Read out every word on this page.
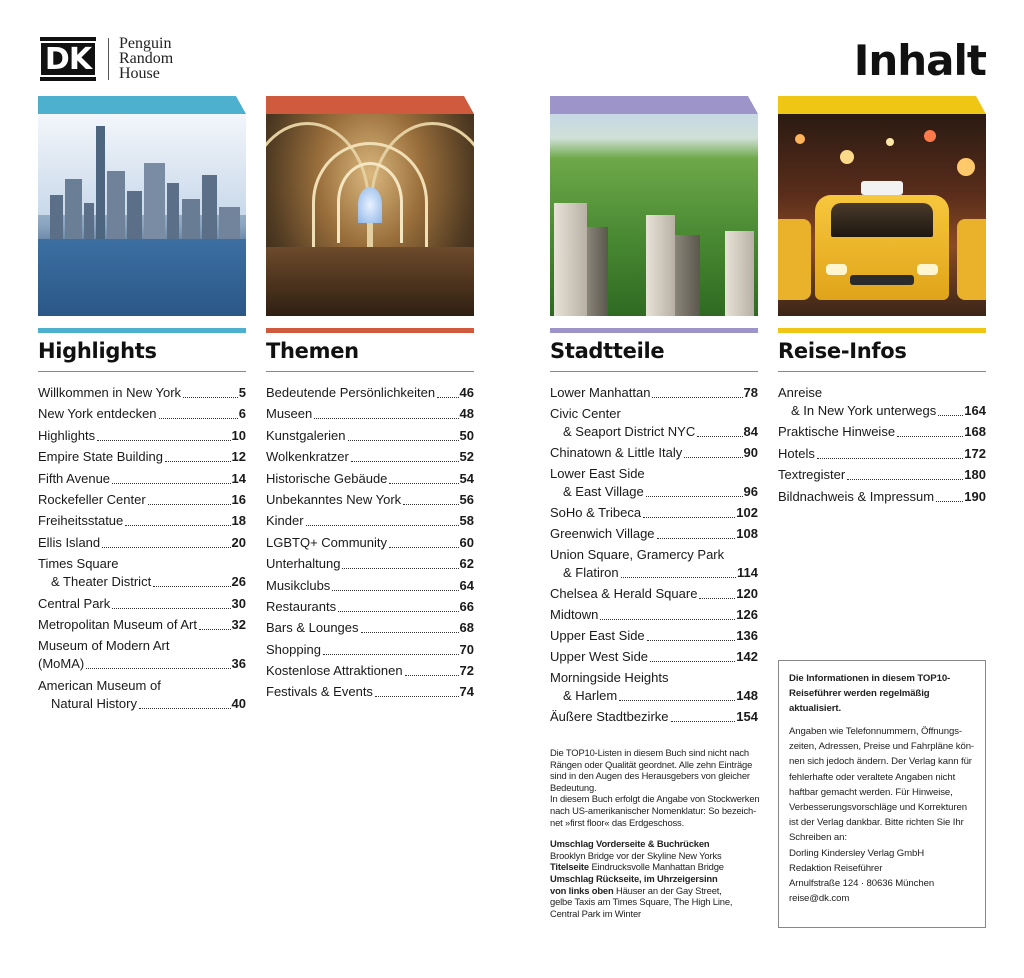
DK	Penguin
Random
House	Inhalt
Highlights
Willkommen in New York	5
New York entdecken	6
Highlights	10
Empire State Building	12
Fifth Avenue	14
Rockefeller Center	16
Freiheitsstatue	18
Ellis Island	20
Times Square
& Theater District	26
Central Park	30
Metropolitan Museum of Art	32
Museum of Modern Art
(MoMA)	36
American Museum of
Natural History	40
Themen
Bedeutende Persönlichkeiten 46
Museen	48
Kunstgalerien	50
Wolkenkratzer	52
Historische Gebäude	54
Unbekanntes New York	56
Kinder	58
LGBTQ+ Community	60
Unterhaltung	62
Musikclubs	64
Restaurants	66
Bars & Lounges	68
Shopping	70
Kostenlose Attraktionen	72
Festivals & Events	74
Stadtteile
Lower Manhattan	78
Civic Center
& Seaport District NYC	84
Chinatown & Little Italy	90
Lower East Side
& East Village	96
SoHo & Tribeca	102
Greenwich Village	108
Union Square, Gramercy Park
& Flatiron	114
Chelsea & Herald Square	120
Midtown	126
Upper East Side	136
Upper West Side	142
Morningside Heights
& Harlem	148
Äußere Stadtbezirke	154
Reise-Infos
Anreise
& In New York unterwegs 164
Praktische Hinweise	168
Hotels	172
Textregister	180
Bildnachweis & Impressum 190

Die TOP10-Listen in diesem Buch sind nicht nach

Rängen oder Qualität geordnet. Alle zehn Einträge

sind in den Augen des Herausgebers von gleicher

Bedeutung.

In diesem Buch erfolgt die Angabe von Stockwerken

nach US-amerikanischer Nomenklatur: So bezeich-

net »first floor« das Erdgeschoss.

Umschlag Vorderseite & Buchrücken

Brooklyn Bridge vor der Skyline New Yorks

Titelseite Eindrucksvolle Manhattan Bridge

Umschlag Rückseite, im Uhrzeigersinn

von links oben Häuser an der Gay Street,

gelbe Taxis am Times Square, The High Line,

Central Park im Winter

Die Informationen in diesem TOP10-
Reiseführer werden regelmäßig
aktualisiert.
Angaben wie Telefonnummern, Öffnungs-
zeiten, Adressen, Preise und Fahrpläne kön-
nen sich jedoch ändern. Der Verlag kann für
fehlerhafte oder veraltete Angaben nicht
haftbar gemacht werden. Für Hinweise,
Verbesserungsvorschläge und Korrekturen
ist der Verlag dankbar. Bitte richten Sie Ihr
Schreiben an:
Dorling Kindersley Verlag GmbH
Redaktion Reiseführer
Arnulfstraße 124 · 80636 München
reise@dk.com
